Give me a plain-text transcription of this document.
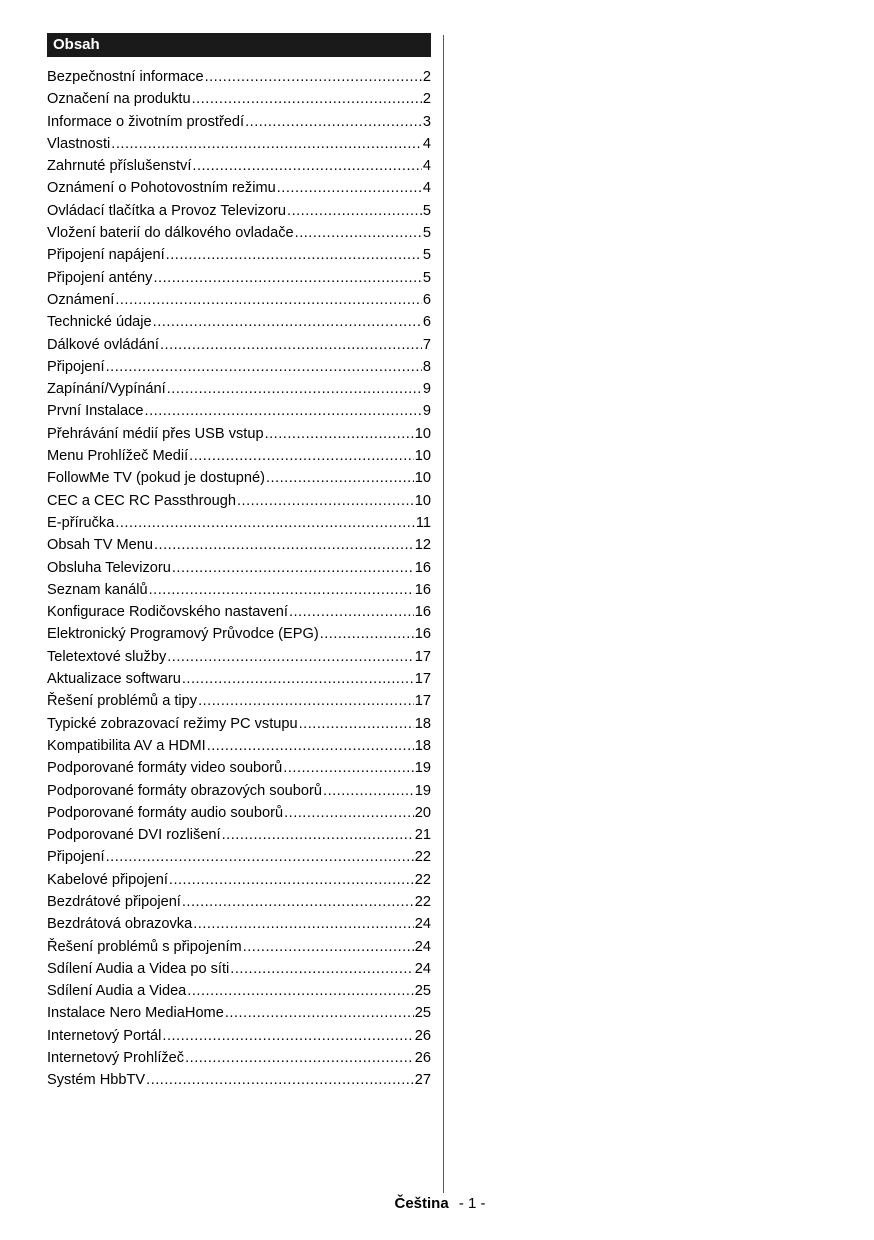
Obsah
Bezpečnostní informace .....	2
Označení na produktu .....	2
Informace o životním prostředí .....	3
Vlastnosti .....	4
Zahrnuté příslušenství .....	4
Oznámení o Pohotovostním režimu .....	4
Ovládací tlačítka a Provoz Televizoru .....	5
Vložení baterií do dálkového ovladače .....	5
Připojení napájení .....	5
Připojení antény .....	5
Oznámení .....	6
Technické údaje .....	6
Dálkové ovládání .....	7
Připojení .....	8
Zapínání/Vypínání .....	9
První Instalace .....	9
Přehrávání médií přes USB vstup .....	10
Menu Prohlížeč Medií .....	10
FollowMe TV (pokud je dostupné) .....	10
CEC a CEC RC Passthrough .....	10
E-příručka .....	11
Obsah TV Menu .....	12
Obsluha Televizoru .....	16
Seznam kanálů .....	16
Konfigurace Rodičovského nastavení .....	16
Elektronický Programový Průvodce (EPG) .....	16
Teletextové služby .....	17
Aktualizace softwaru .....	17
Řešení problémů a tipy .....	17
Typické zobrazovací režimy PC vstupu .....	18
Kompatibilita AV a HDMI .....	18
Podporované formáty video souborů .....	19
Podporované formáty obrazových souborů .....	19
Podporované formáty audio souborů .....	20
Podporované DVI rozlišení .....	21
Připojení .....	22
Kabelové připojení .....	22
Bezdrátové připojení .....	22
Bezdrátová obrazovka .....	24
Řešení problémů s připojením .....	24
Sdílení Audia a Videa po síti .....	24
Sdílení Audia a Videa .....	25
Instalace Nero MediaHome .....	25
Internetový Portál .....	26
Internetový Prohlížeč .....	26
Systém HbbTV .....	27
Čeština - 1 -
